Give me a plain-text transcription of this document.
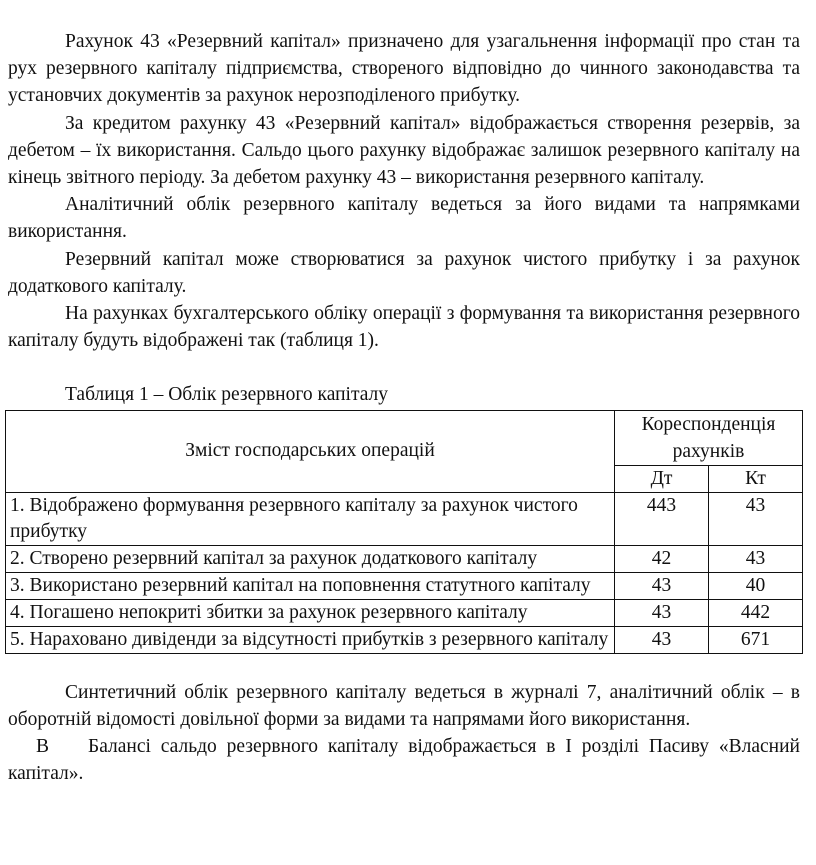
Рахунок 43 «Резервний капітал» призначено для узагальнення інформації про стан та рух резервного капіталу підприємства, створеного відповідно до чинного законодавства та установчих документів за рахунок нерозподіленого прибутку.

За кредитом рахунку 43 «Резервний капітал» відображається створення резервів, за дебетом – їх використання. Сальдо цього рахунку відображає залишок резервного капіталу на кінець звітного періоду. За дебетом рахунку 43 – використання резервного капіталу.

Аналітичний облік резервного капіталу ведеться за його видами та напрямками використання.

Резервний капітал може створюватися за рахунок чистого прибутку і за рахунок додаткового капіталу.

На рахунках бухгалтерського обліку операції з формування та використання резервного капіталу будуть відображені так (таблиця 1).

Таблиця 1 – Облік резервного капіталу
Зміст господарських операцій	Кореспонденція рахунків	
	Дт	Кт
1. Відображено формування резервного капіталу за рахунок чистого прибутку	443	43
2. Створено резервний капітал за рахунок додаткового капіталу	42	43
3. Використано резервний капітал на поповнення статутного капіталу	43	40
4. Погашено непокриті збитки за рахунок резервного капіталу	43	442
5. Нараховано дивіденди за відсутності прибутків з резервного капіталу	43	671

Синтетичний облік резервного капіталу ведеться в журналі 7, аналітичний облік – в оборотній відомості довільної форми за видами та напрямами його використання.

В Балансі сальдо резервного капіталу відображається в І розділі Пасиву «Власний капітал».
